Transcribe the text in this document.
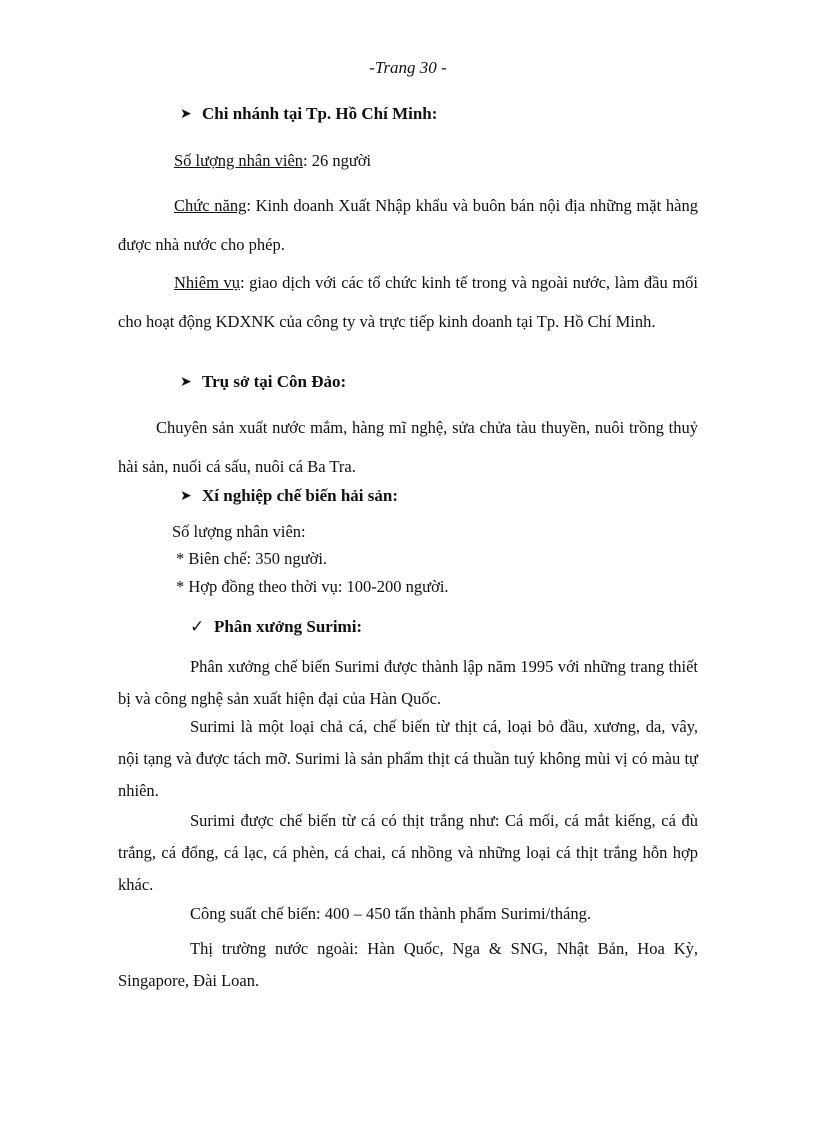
-Trang 30 -
➤ Chi nhánh tại Tp. Hồ Chí Minh:
Số lượng nhân viên: 26 người
Chức năng: Kinh doanh Xuất Nhập khẩu và buôn bán nội địa những mặt hàng được nhà nước cho phép.
Nhiêm vụ: giao dịch với các tổ chức kinh tế trong và ngoài nước, làm đầu mối cho hoạt động KDXNK của công ty và trực tiếp kinh doanh tại Tp. Hồ Chí Minh.
➤ Trụ sở tại Côn Đảo:
Chuyên sản xuất nước mắm, hàng mĩ nghệ, sửa chửa tàu thuyền, nuôi trồng thuỷ hài sản, nuối cá sấu, nuôi cá Ba Tra.
➤ Xí nghiệp chế biến hải sản:
Số lượng nhân viên:
* Biên chế: 350 người.
* Hợp đồng theo thời vụ: 100-200 người.
✓ Phân xưởng Surimi:
Phân xưởng chế biến Surimi được thành lập năm 1995 với những trang thiết bị và công nghệ sản xuất hiện đại của Hàn Quốc.
Surimi là một loại chả cá, chế biến từ thịt cá, loại bỏ đầu, xương, da, vây, nội tạng và được tách mỡ. Surimi là sản phẩm thịt cá thuần tuý không mùi vị có màu tự nhiên.
Surimi được chế biến từ cá có thịt trắng như: Cá mối, cá mắt kiếng, cá đù trắng, cá đổng, cá lạc, cá phèn, cá chai, cá nhồng và những loại cá thịt trắng hỗn hợp khác.
Công suất chế biến: 400 – 450 tấn thành phẩm Surimi/tháng.
Thị trường nước ngoài: Hàn Quốc, Nga & SNG, Nhật Bản, Hoa Kỳ, Singapore, Đài Loan.
